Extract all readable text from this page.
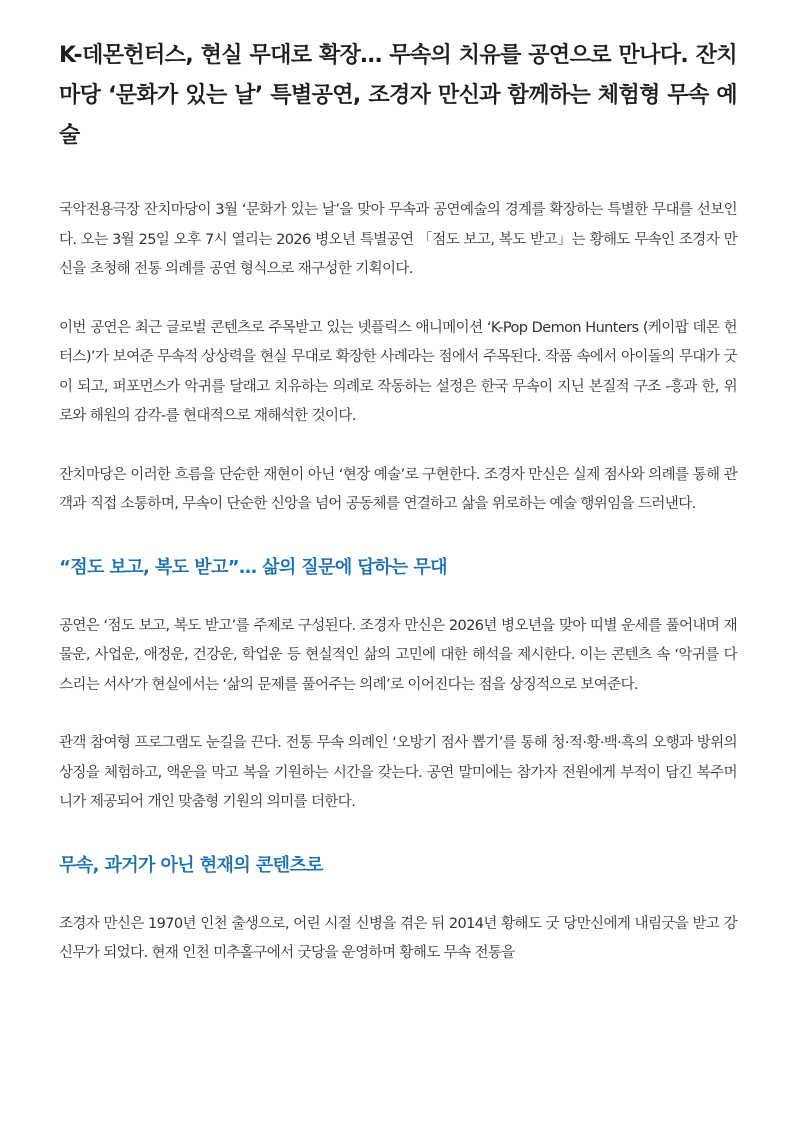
K-데몬헌터스, 현실 무대로 확장… 무속의 치유를 공연으로 만나다. 잔치마당 ‘문화가 있는 날’ 특별공연, 조경자 만신과 함께하는 체험형 무속 예술

국악전용극장 잔치마당이 3월 ‘문화가 있는 날’을 맞아 무속과 공연예술의 경계를 확장하는 특별한 무대를 선보인다. 오는 3월 25일 오후 7시 열리는 2026 병오년 특별공연 「점도 보고, 복도 받고」는 황해도 무속인 조경자 만신을 초청해 전통 의례를 공연 형식으로 재구성한 기획이다.

이번 공연은 최근 글로벌 콘텐츠로 주목받고 있는 넷플릭스 애니메이션 ‘K-Pop Demon Hunters (케이팝 데몬 헌터스)’가 보여준 무속적 상상력을 현실 무대로 확장한 사례라는 점에서 주목된다. 작품 속에서 아이돌의 무대가 굿이 되고, 퍼포먼스가 악귀를 달래고 치유하는 의례로 작동하는 설정은 한국 무속이 지닌 본질적 구조 -흥과 한, 위로와 해원의 감각-를 현대적으로 재해석한 것이다.

잔치마당은 이러한 흐름을 단순한 재현이 아닌 ‘현장 예술’로 구현한다. 조경자 만신은 실제 점사와 의례를 통해 관객과 직접 소통하며, 무속이 단순한 신앙을 넘어 공동체를 연결하고 삶을 위로하는 예술 행위임을 드러낸다.

“점도 보고, 복도 받고”… 삶의 질문에 답하는 무대

공연은 ‘점도 보고, 복도 받고’를 주제로 구성된다. 조경자 만신은 2026년 병오년을 맞아 띠별 운세를 풀어내며 재물운, 사업운, 애정운, 건강운, 학업운 등 현실적인 삶의 고민에 대한 해석을 제시한다. 이는 콘텐츠 속 ‘악귀를 다스리는 서사’가 현실에서는 ‘삶의 문제를 풀어주는 의례’로 이어진다는 점을 상징적으로 보여준다.

관객 참여형 프로그램도 눈길을 끈다. 전통 무속 의례인 ‘오방기 점사 뽑기’를 통해 청·적·황·백·흑의 오행과 방위의 상징을 체험하고, 액운을 막고 복을 기원하는 시간을 갖는다. 공연 말미에는 참가자 전원에게 부적이 담긴 복주머니가 제공되어 개인 맞춤형 기원의 의미를 더한다.

무속, 과거가 아닌 현재의 콘텐츠로

조경자 만신은 1970년 인천 출생으로, 어린 시절 신병을 겪은 뒤 2014년 황해도 굿 당만신에게 내림굿을 받고 강신무가 되었다. 현재 인천 미추홀구에서 굿당을 운영하며 황해도 무속 전통을
